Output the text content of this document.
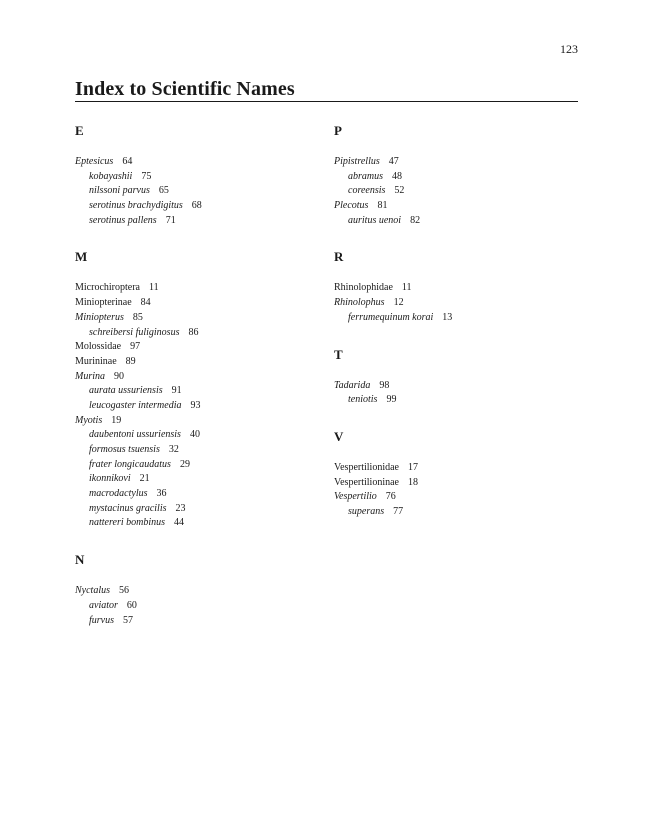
123
Index to Scientific Names
E
Eptesicus 64
kobayashii 75
nilssoni parvus 65
serotinus brachydigitus 68
serotinus pallens 71
M
Microchiroptera 11
Miniopterinae 84
Miniopterus 85
schreibersi fuliginosus 86
Molossidae 97
Murininae 89
Murina 90
aurata ussuriensis 91
leucogaster intermedia 93
Myotis 19
daubentoni ussuriensis 40
formosus tsuensis 32
frater longicaudatus 29
ikonnikovi 21
macrodactylus 36
mystacinus gracilis 23
nattereri bombinus 44
N
Nyctalus 56
aviator 60
furvus 57
P
Pipistrellus 47
abramus 48
coreensis 52
Plecotus 81
auritus uenoi 82
R
Rhinolophidae 11
Rhinolophus 12
ferrumequinum korai 13
T
Tadarida 98
teniotis 99
V
Vespertilionidae 17
Vespertilioninae 18
Vespertilio 76
superans 77
